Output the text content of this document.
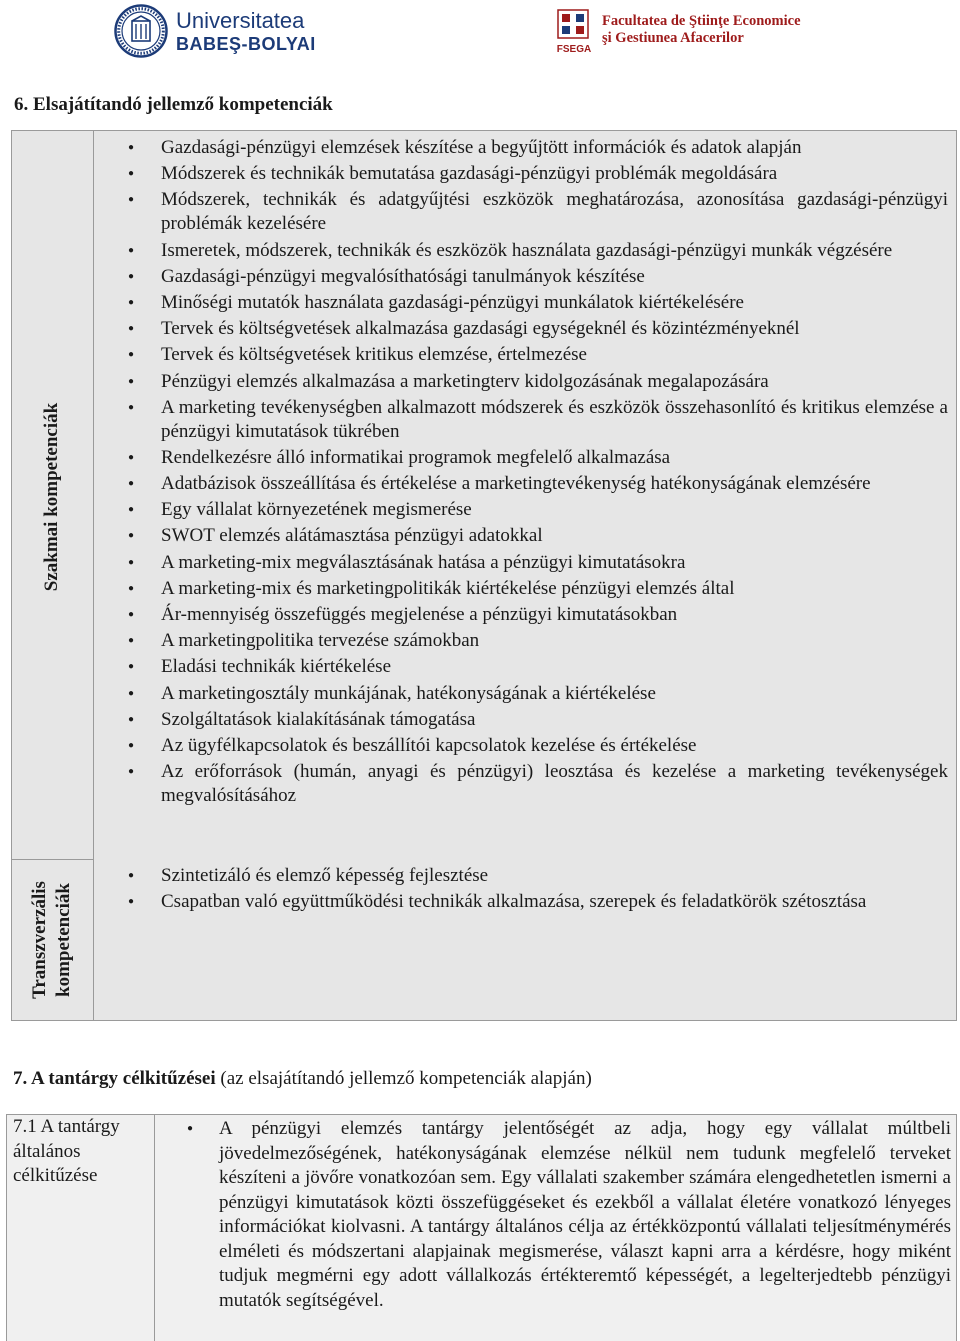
Universitatea
BABEŞ-BOLYAI	FSEGA
Facultatea de Ştiinţe Economice
şi Gestiunea Afacerilor
6. Elsajátítandó jellemző kompetenciák
Szakmai kompetenciák
Transzverzális kompetenciák
● Gazdasági-pénzügyi elemzések készítése a begyűjtött információk és adatok alapján
● Módszerek és technikák bemutatása gazdasági-pénzügyi problémák megoldására
● Módszerek, technikák és adatgyűjtési eszközök meghatározása, azonosítása gazdasági-pénzügyi problémák kezelésére
● Ismeretek, módszerek, technikák és eszközök használata gazdasági-pénzügyi munkák végzésére
● Gazdasági-pénzügyi megvalósíthatósági tanulmányok készítése
● Minőségi mutatók használata gazdasági-pénzügyi munkálatok kiértékelésére
● Tervek és költségvetések alkalmazása gazdasági egységeknél és közintézményeknél
● Tervek és költségvetések kritikus elemzése, értelmezése
● Pénzügyi elemzés alkalmazása a marketingterv kidolgozásának megalapozására
● A marketing tevékenységben alkalmazott módszerek és eszközök összehasonlító és kritikus elemzése a pénzügyi kimutatások tükrében
● Rendelkezésre álló informatikai programok megfelelő alkalmazása
● Adatbázisok összeállítása és értékelése a marketingtevékenység hatékonyságának elemzésére
● Egy vállalat környezetének megismerése
● SWOT elemzés alátámasztása pénzügyi adatokkal
● A marketing-mix megválasztásának hatása a pénzügyi kimutatásokra
● A marketing-mix és marketingpolitikák kiértékelése pénzügyi elemzés által
● Ár-mennyiség összefüggés megjelenése a pénzügyi kimutatásokban
● A marketingpolitika tervezése számokban
● Eladási technikák kiértékelése
● A marketingosztály munkájának, hatékonyságának a kiértékelése
● Szolgáltatások kialakításának támogatása
● Az ügyfélkapcsolatok és beszállítói kapcsolatok kezelése és értékelése
● Az erőforrások (humán, anyagi és pénzügyi) leosztása és kezelése a marketing tevékenységek megvalósításához
● Szintetizáló és elemző képesség fejlesztése
● Csapatban való együttműködési technikák alkalmazása, szerepek és feladatkörök szétosztása
7. A tantárgy célkitűzései (az elsajátítandó jellemző kompetenciák alapján)
7.1 A tantárgy általános célkitűzése
● A pénzügyi elemzés tantárgy jelentőségét az adja, hogy egy vállalat múltbeli jövedelmezőségének, hatékonyságának elemzése nélkül nem tudunk megfelelő terveket készíteni a jövőre vonatkozóan sem. Egy vállalati szakember számára elengedhetetlen ismerni a pénzügyi kimutatások közti összefüggéseket és ezekből a vállalat életére vonatkozó lényeges információkat kiolvasni. A tantárgy általános célja az értékközpontú vállalati teljesítménymérés elméleti és módszertani alapjainak megismerése, választ kapni arra a kérdésre, hogy miként tudjuk megmérni egy adott vállalkozás értékteremtő képességét, a legelterjedtebb pénzügyi mutatók segítségével.
